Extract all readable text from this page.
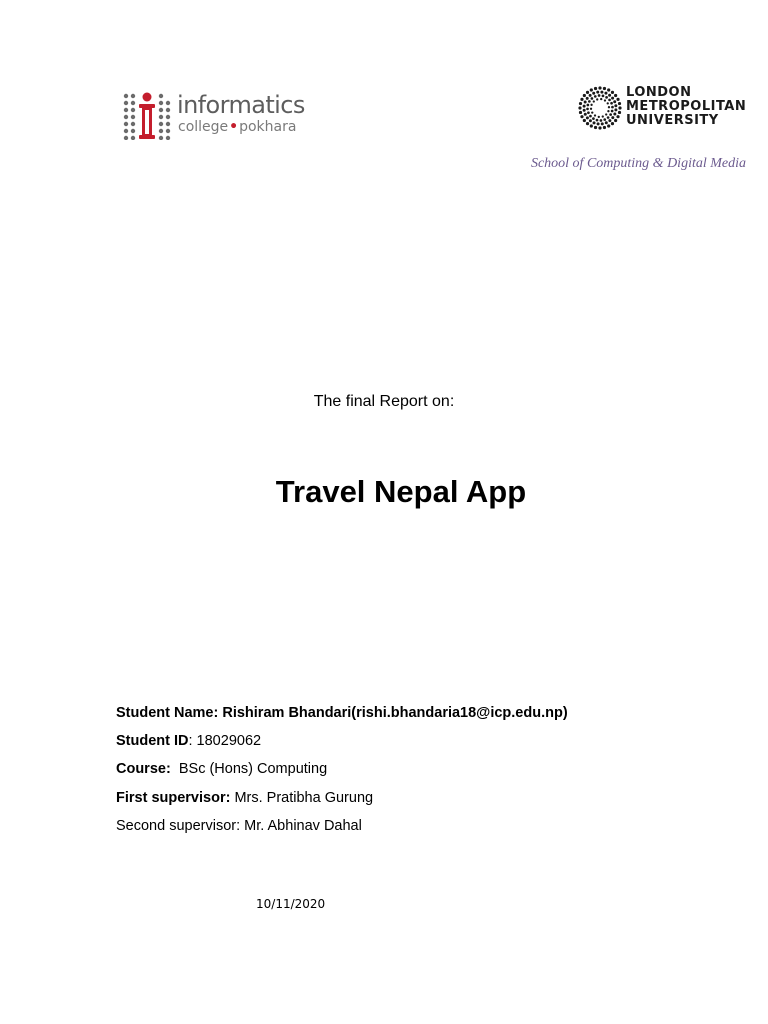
informatics
college•pokhara
LONDON
METROPOLITAN
UNIVERSITY
School of Computing & Digital Media
The final Report on:
Travel Nepal App
Student Name: Rishiram Bhandari(rishi.bhandaria18@icp.edu.np)
Student ID: 18029062
Course: BSc (Hons) Computing
First supervisor: Mrs. Pratibha Gurung
Second supervisor: Mr. Abhinav Dahal
10/11/2020
